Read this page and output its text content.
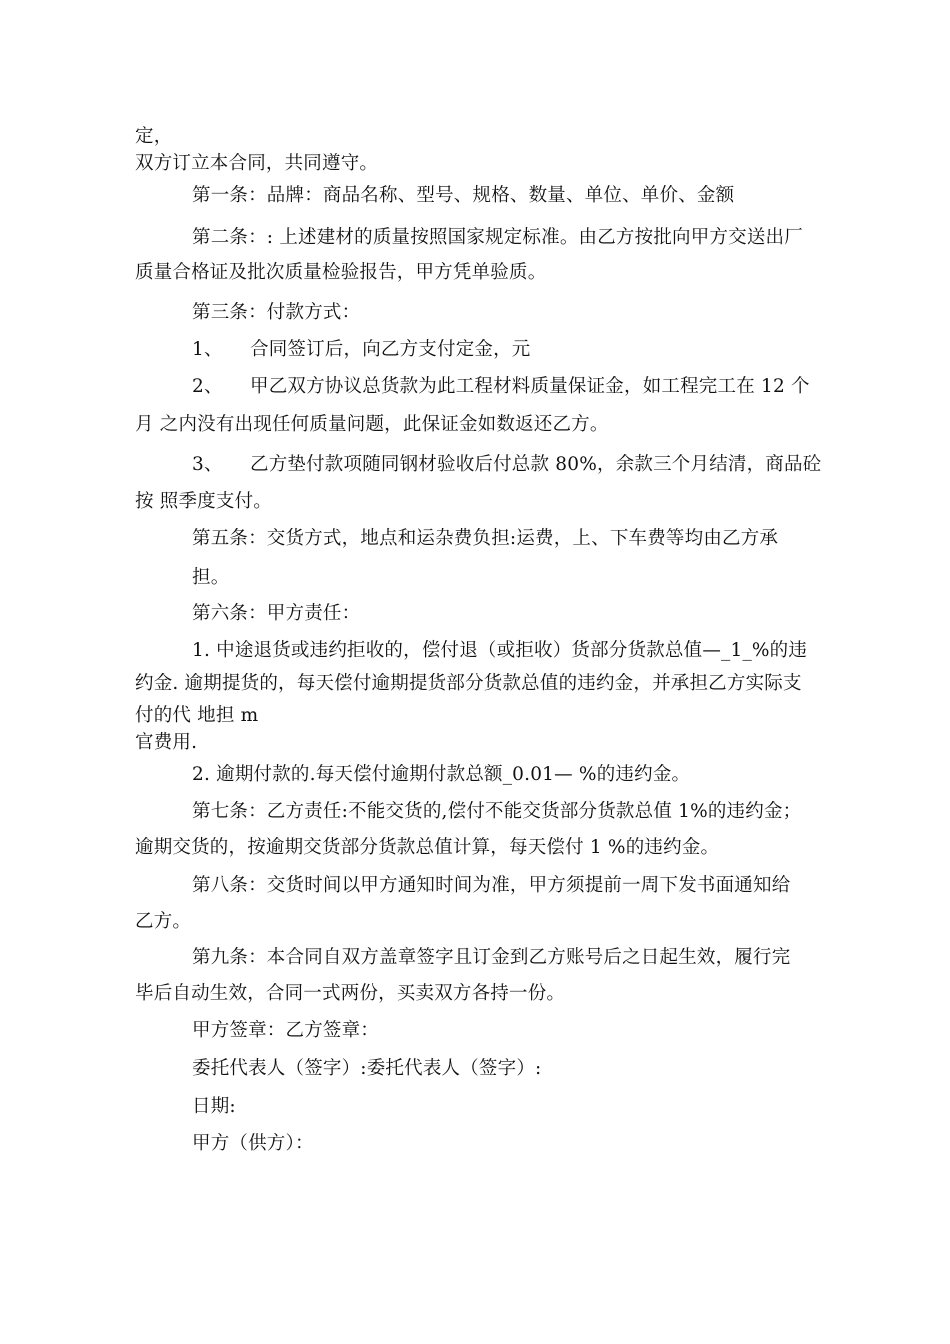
定，
双方订立本合同，共同遵守。
第一条：品牌：商品名称、型号、规格、数量、单位、单价、金额
第二条：: 上述建材的质量按照国家规定标准。由乙方按批向甲方交送出厂
质量合格证及批次质量检验报告，甲方凭单验质。
第三条：付款方式：
1、 合同签订后，向乙方支付定金，元
2、 甲乙双方协议总货款为此工程材料质量保证金，如工程完工在 12 个
月 之内没有出现任何质量问题，此保证金如数返还乙方。
3、 乙方垫付款项随同钢材验收后付总款 80%，余款三个月结清，商品砼
按 照季度支付。
第五条：交货方式，地点和运杂费负担:运费，上、下车费等均由乙方承
担。
第六条：甲方责任：
1. 中途退货或违约拒收的，偿付退（或拒收）货部分货款总值—_1_%的违
约金. 逾期提货的，每天偿付逾期提货部分货款总值的违约金，并承担乙方实际支
付的代 地担 m
官费用.
2. 逾期付款的.每天偿付逾期付款总额_0.01— %的违约金。
第七条：乙方责任:不能交货的,偿付不能交货部分货款总值 1%的违约金；
逾期交货的，按逾期交货部分货款总值计算，每天偿付 1 %的违约金。
第八条：交货时间以甲方通知时间为准，甲方须提前一周下发书面通知给
乙方。
第九条：本合同自双方盖章签字且订金到乙方账号后之日起生效，履行完
毕后自动生效，合同一式两份，买卖双方各持一份。
甲方签章：乙方签章：
委托代表人（签字）:委托代表人（签字）:
日期:
甲方（供方）：
